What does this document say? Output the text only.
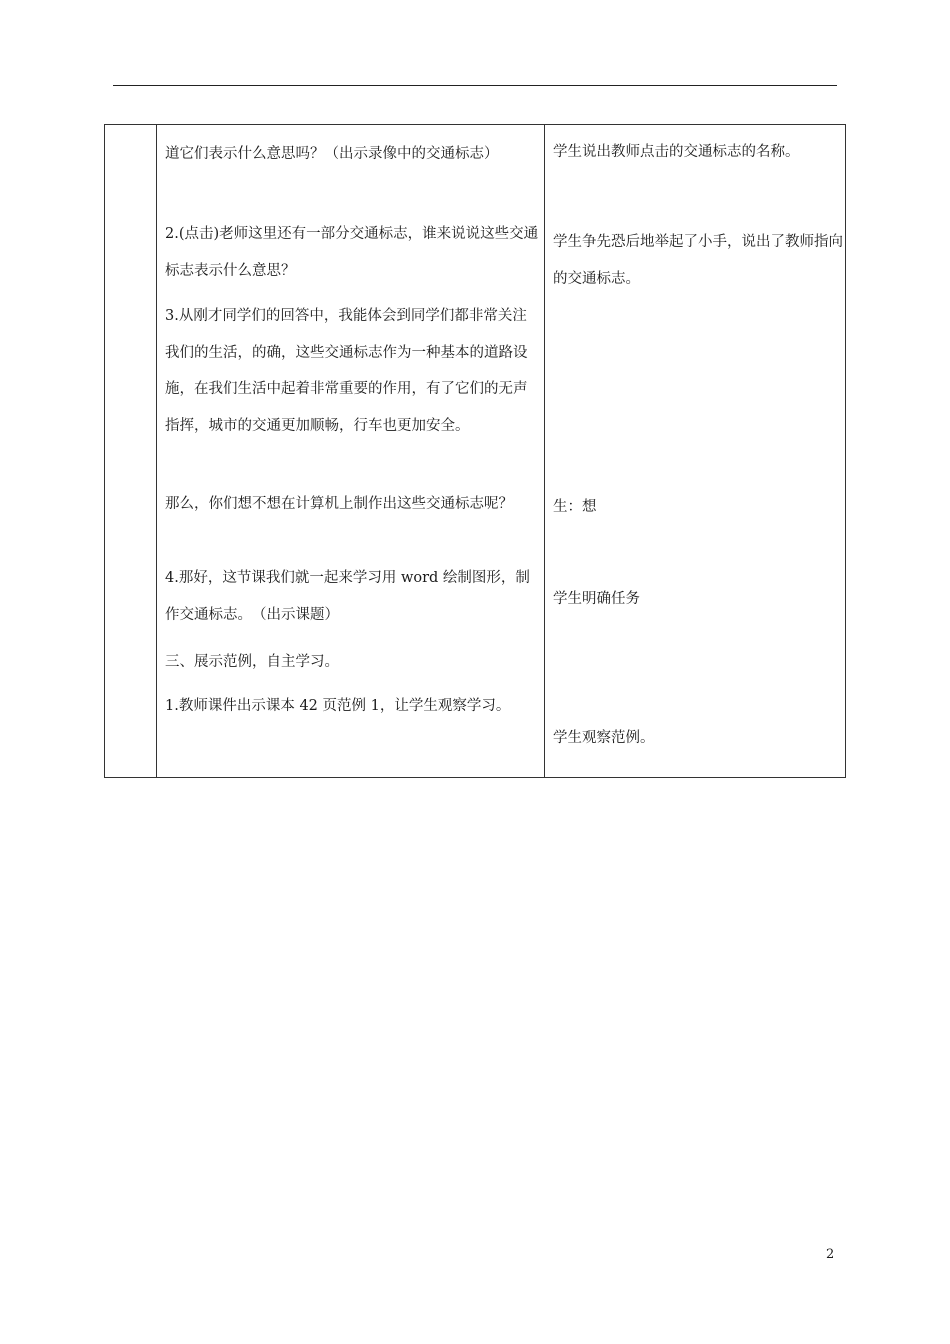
道它们表示什么意思吗？（出示录像中的交通标志）

2.(点击)老师这里还有一部分交通标志，谁来说说这些交通标志表示什么意思？

3.从刚才同学们的回答中，我能体会到同学们都非常关注我们的生活，的确，这些交通标志作为一种基本的道路设施，在我们生活中起着非常重要的作用，有了它们的无声指挥，城市的交通更加顺畅，行车也更加安全。

那么，你们想不想在计算机上制作出这些交通标志呢？

4.那好，这节课我们就一起来学习用 word 绘制图形，制作交通标志。　（出示课题）

三、展示范例，自主学习。

1.教师课件出示课本 42 页范例 1，让学生观察学习。

学生说出教师点击的交通标志的名称。

学生争先恐后地举起了小手，说出了教师指向的交通标志。

生：想

学生明确任务

学生观察范例。

2
